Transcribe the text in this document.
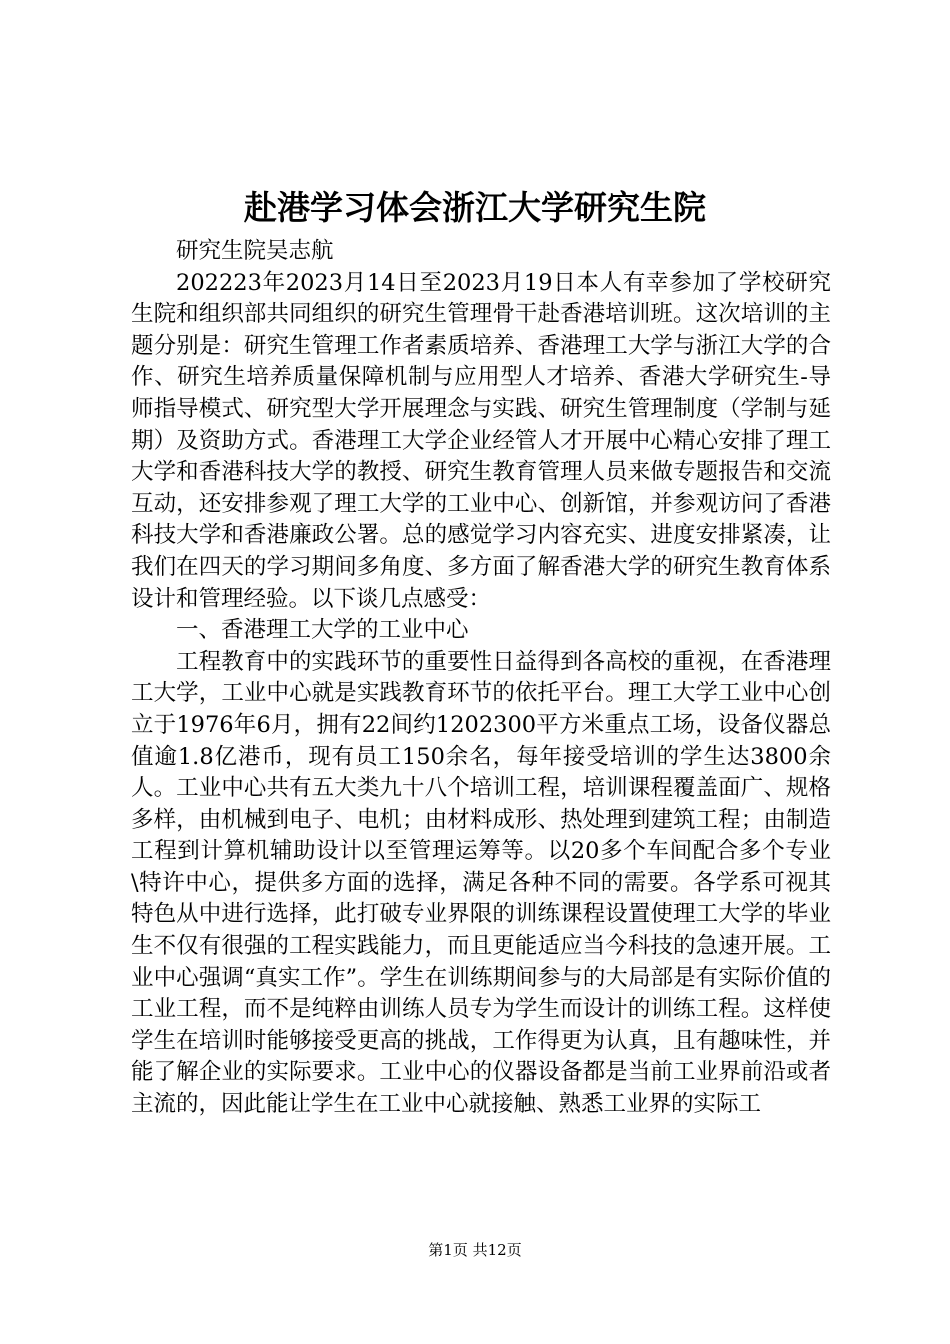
赴港学习体会浙江大学研究生院

研究生院吴志航

202223年2023月14日至2023月19日本人有幸参加了学校研究生院和组织部共同组织的研究生管理骨干赴香港培训班。这次培训的主题分别是：研究生管理工作者素质培养、香港理工大学与浙江大学的合作、研究生培养质量保障机制与应用型人才培养、香港大学研究生-导师指导模式、研究型大学开展理念与实践、研究生管理制度（学制与延期）及资助方式。香港理工大学企业经管人才开展中心精心安排了理工大学和香港科技大学的教授、研究生教育管理人员来做专题报告和交流互动，还安排参观了理工大学的工业中心、创新馆，并参观访问了香港科技大学和香港廉政公署。总的感觉学习内容充实、进度安排紧凑，让我们在四天的学习期间多角度、多方面了解香港大学的研究生教育体系设计和管理经验。以下谈几点感受：

一、香港理工大学的工业中心

工程教育中的实践环节的重要性日益得到各高校的重视，在香港理工大学，工业中心就是实践教育环节的依托平台。理工大学工业中心创立于1976年6月，拥有22间约1202300平方米重点工场，设备仪器总值逾1.8亿港币，现有员工150余名，每年接受培训的学生达3800余人。工业中心共有五大类九十八个培训工程，培训课程覆盖面广、规格多样，由机械到电子、电机；由材料成形、热处理到建筑工程；由制造工程到计算机辅助设计以至管理运筹等。以20多个车间配合多个专业\特许中心，提供多方面的选择，满足各种不同的需要。各学系可视其特色从中进行选择，此打破专业界限的训练课程设置使理工大学的毕业生不仅有很强的工程实践能力，而且更能适应当今科技的急速开展。工业中心强调“真实工作”。学生在训练期间参与的大局部是有实际价值的工业工程，而不是纯粹由训练人员专为学生而设计的训练工程。这样使学生在培训时能够接受更高的挑战，工作得更为认真，且有趣味性，并能了解企业的实际要求。工业中心的仪器设备都是当前工业界前沿或者主流的，因此能让学生在工业中心就接触、熟悉工业界的实际工

第1页 共12页
